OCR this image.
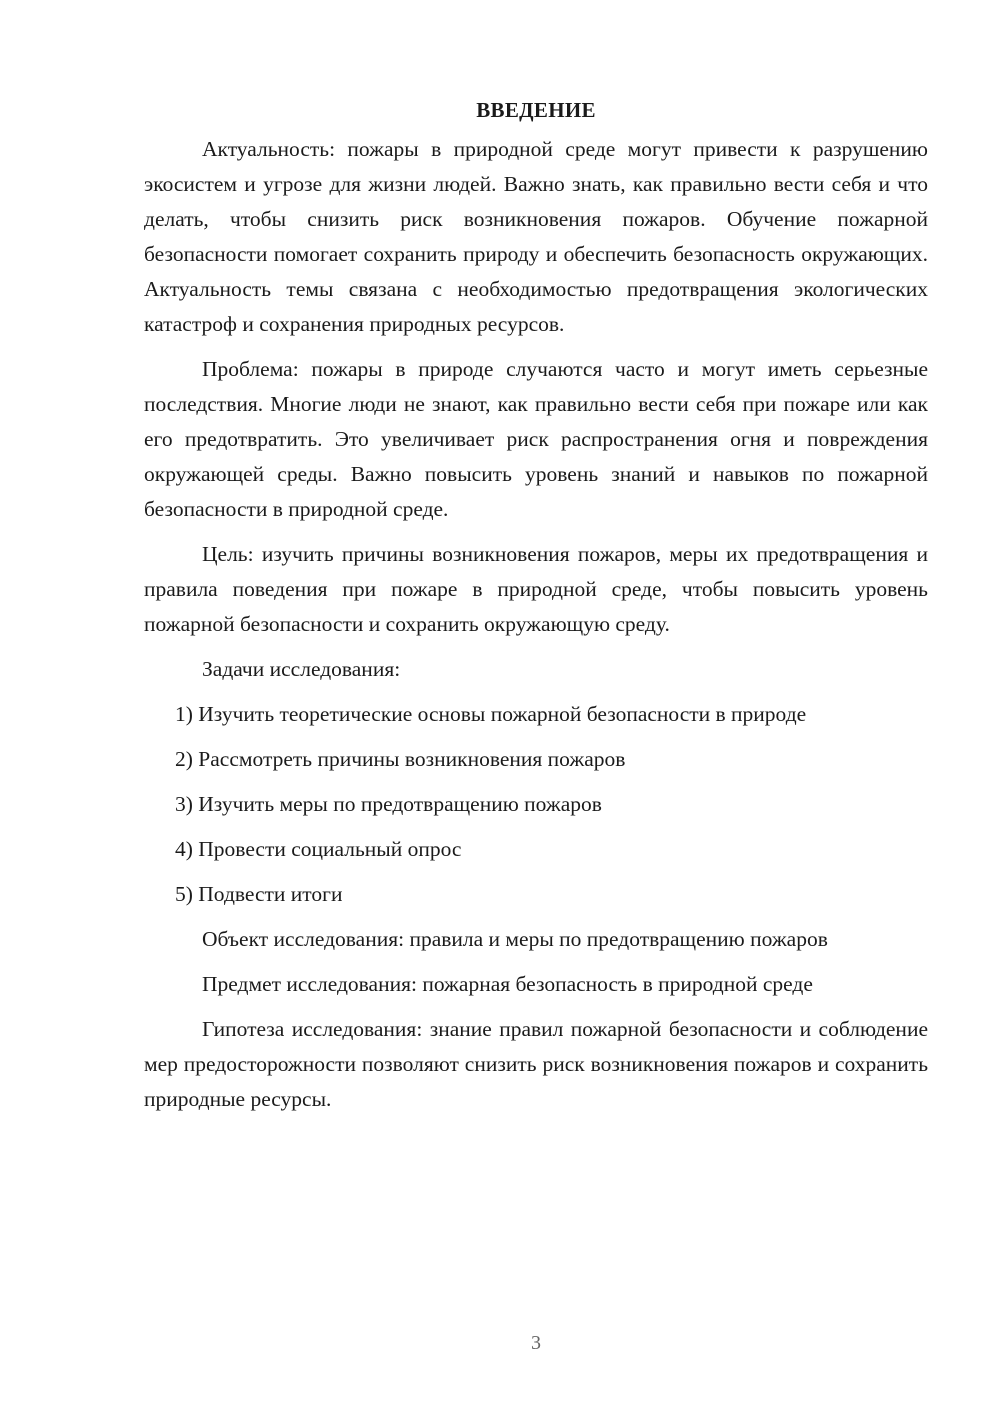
ВВЕДЕНИЕ

Актуальность: пожары в природной среде могут привести к разрушению экосистем и угрозе для жизни людей. Важно знать, как правильно вести себя и что делать, чтобы снизить риск возникновения пожаров. Обучение пожарной безопасности помогает сохранить природу и обеспечить безопасность окружающих. Актуальность темы связана с необходимостью предотвращения экологических катастроф и сохранения природных ресурсов.

Проблема: пожары в природе случаются часто и могут иметь серьезные последствия. Многие люди не знают, как правильно вести себя при пожаре или как его предотвратить. Это увеличивает риск распространения огня и повреждения окружающей среды. Важно повысить уровень знаний и навыков по пожарной безопасности в природной среде.

Цель: изучить причины возникновения пожаров, меры их предотвращения и правила поведения при пожаре в природной среде, чтобы повысить уровень пожарной безопасности и сохранить окружающую среду.

Задачи исследования:

1) Изучить теоретические основы пожарной безопасности в природе
2) Рассмотреть причины возникновения пожаров
3) Изучить меры по предотвращению пожаров
4) Провести социальный опрос
5) Подвести итоги

Объект исследования: правила и меры по предотвращению пожаров

Предмет исследования: пожарная безопасность в природной среде

Гипотеза исследования: знание правил пожарной безопасности и соблюдение мер предосторожности позволяют снизить риск возникновения пожаров и сохранить природные ресурсы.

3
